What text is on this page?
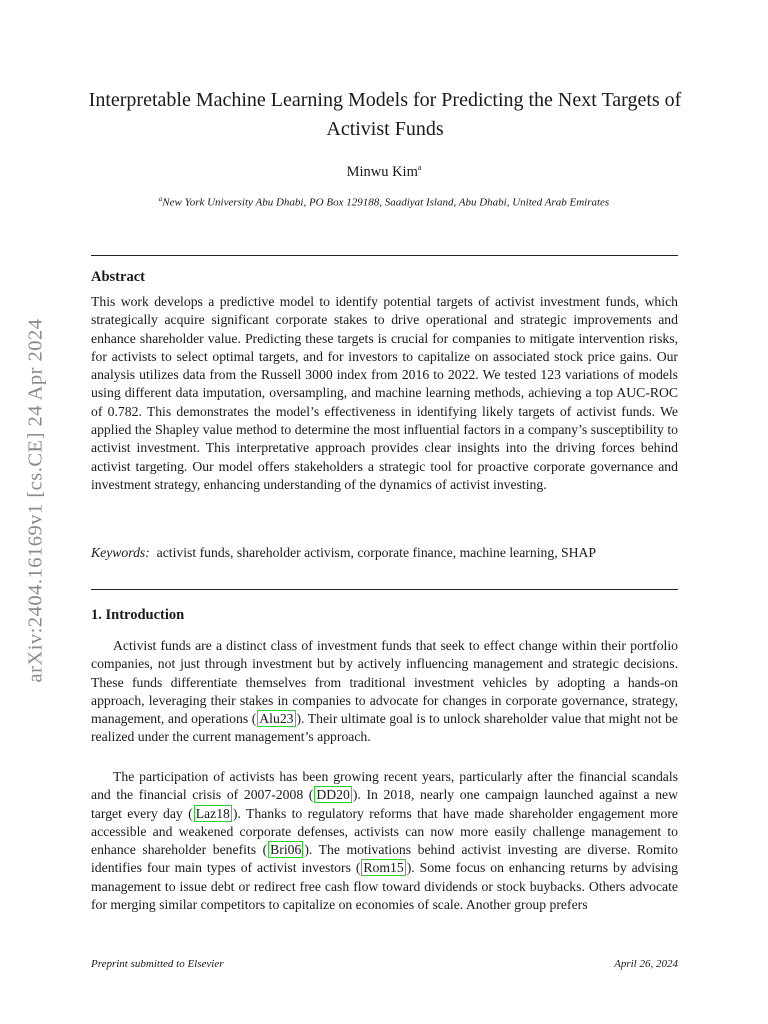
arXiv:2404.16169v1 [cs.CE] 24 Apr 2024
Interpretable Machine Learning Models for Predicting the Next Targets of Activist Funds
Minwu Kim$^a$
$^a$New York University Abu Dhabi, PO Box 129188, Saadiyat Island, Abu Dhabi, United Arab Emirates
Abstract

This work develops a predictive model to identify potential targets of activist investment funds, which strategically acquire significant corporate stakes to drive operational and strategic improvements and enhance shareholder value. Predicting these targets is crucial for companies to mitigate intervention risks, for activists to select optimal targets, and for investors to capitalize on associated stock price gains. Our analysis utilizes data from the Russell 3000 index from 2016 to 2022. We tested 123 variations of models using different data imputation, oversampling, and machine learning methods, achieving a top AUC-ROC of 0.782. This demonstrates the model’s effectiveness in identifying likely targets of activist funds. We applied the Shapley value method to determine the most influential factors in a company’s susceptibility to activist investment. This interpretative approach provides clear insights into the driving forces behind activist targeting. Our model offers stakeholders a strategic tool for proactive corporate governance and investment strategy, enhancing understanding of the dynamics of activist investing.

Keywords: activist funds, shareholder activism, corporate finance, machine learning, SHAP

1. Introduction

Activist funds are a distinct class of investment funds that seek to effect change within their portfolio companies, not just through investment but by actively influencing management and strategic decisions. These funds differentiate themselves from traditional investment vehicles by adopting a hands-on approach, leveraging their stakes in companies to advocate for changes in corporate governance, strategy, management, and operations ( Alu23 ). Their ultimate goal is to unlock shareholder value that might not be realized under the current management’s approach.

The participation of activists has been growing recent years, particularly after the financial scandals and the financial crisis of 2007-2008 ( DD20 ). In 2018, nearly one campaign launched against a new target every day ( Laz18 ). Thanks to regulatory reforms that have made shareholder engagement more accessible and weakened corporate defenses, activists can now more easily challenge management to enhance shareholder benefits ( Bri06 ). The motivations behind activist investing are diverse. Romito identifies four main types of activist investors ( Rom15 ). Some focus on enhancing returns by advising management to issue debt or redirect free cash flow toward dividends or stock buybacks. Others advocate for merging similar competitors to capitalize on economies of scale. Another group prefers

Preprint submitted to Elsevier	April 26, 2024
